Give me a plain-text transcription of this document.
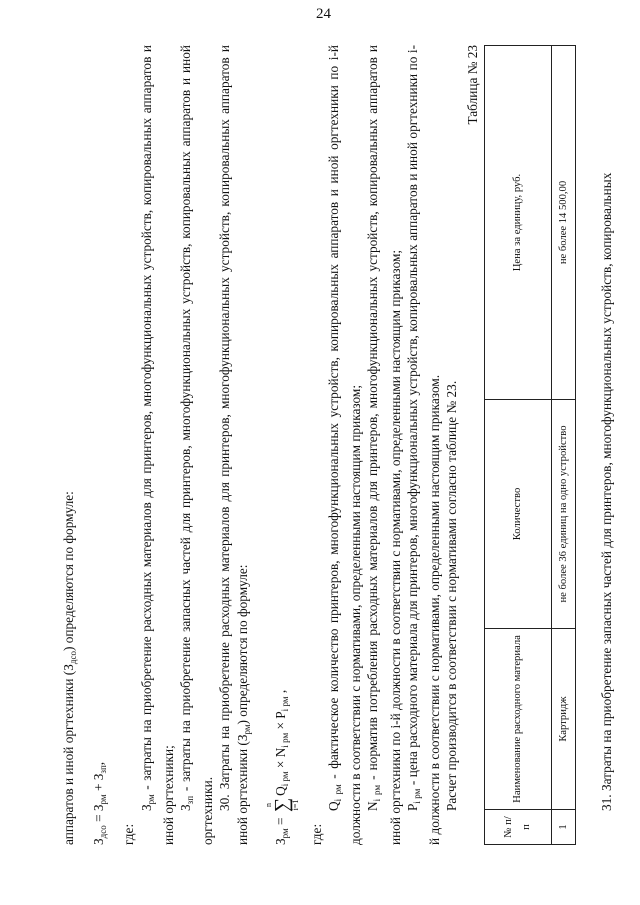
24

аппаратов и иной оргтехники $(З_{дсо})$ определяются по формуле:

$З_{дсо} = З_{рм} + З_{зп}$,

где:

$З_{рм}$ - затраты на приобретение расходных материалов для принтеров, многофункциональных устройств, копировальных аппаратов и иной оргтехники; $З_{зп}$ - затраты на приобретение запасных частей для принтеров, многофункциональных устройств, копировальных аппаратов и иной оргтехники. 30. Затраты на приобретение расходных материалов для принтеров, многофункциональных устройств, копировальных аппаратов и иной оргтехники $(З_{рм})$ определяются по формуле:

$З_{рм}$ =
n
∑
i=1
$Q_{i рм} \times N_{i рм} \times P_{i рм}$ ,

где:

$Q_{i рм}$ - фактическое количество принтеров, многофункциональных устройств, копировальных аппаратов и иной оргтехники по i-й должности в соответствии с нормативами, определенными настоящим приказом; $N_{i рм}$ - норматив потребления расходных материалов для принтеров, многофункциональных устройств, копировальных аппаратов и иной оргтехники по i-й должности в соответствии с нормативами, определенными настоящим приказом; $P_{i рм}$ - цена расходного материала для принтеров, многофункциональных устройств, копировальных аппаратов и иной оргтехники по i-й должности в соответствии с нормативами, определенными настоящим приказом. Расчет производится в соответствии с нормативами согласно таблице № 23.

Таблица № 23

№ п/п	Наименование расходного материала	Количество	Цена за единицу, руб.
1	Картридж	не более 36 единиц на одно устройство	не более 14 500,00 31. Затраты на приобретение запасных частей для принтеров, многофункциональных устройств, копировальных
